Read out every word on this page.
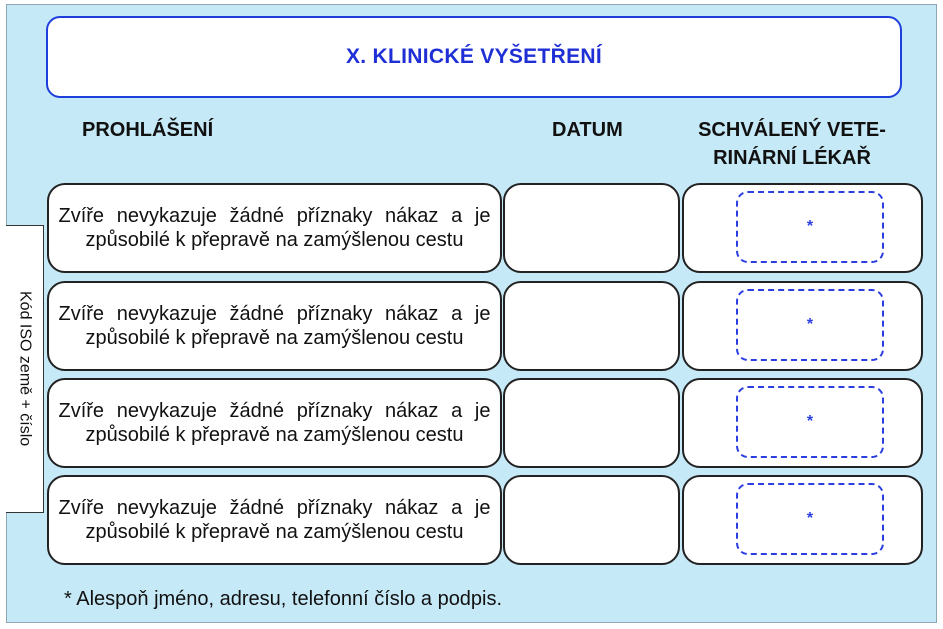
X. KLINICKÉ VYŠETŘENÍ
PROHLÁŠENÍ	DATUM	SCHVÁLENÝ VETE-
RINÁRNÍ LÉKAŘ
Kód ISO země + číslo
Zvíře nevykazuje žádné příznaky nákaz a je způsobilé k přepravě na zamýšlenou cestu
*
Zvíře nevykazuje žádné příznaky nákaz a je způsobilé k přepravě na zamýšlenou cestu
*
Zvíře nevykazuje žádné příznaky nákaz a je způsobilé k přepravě na zamýšlenou cestu
*
Zvíře nevykazuje žádné příznaky nákaz a je způsobilé k přepravě na zamýšlenou cestu
*
* Alespoň jméno, adresu, telefonní číslo a podpis.
